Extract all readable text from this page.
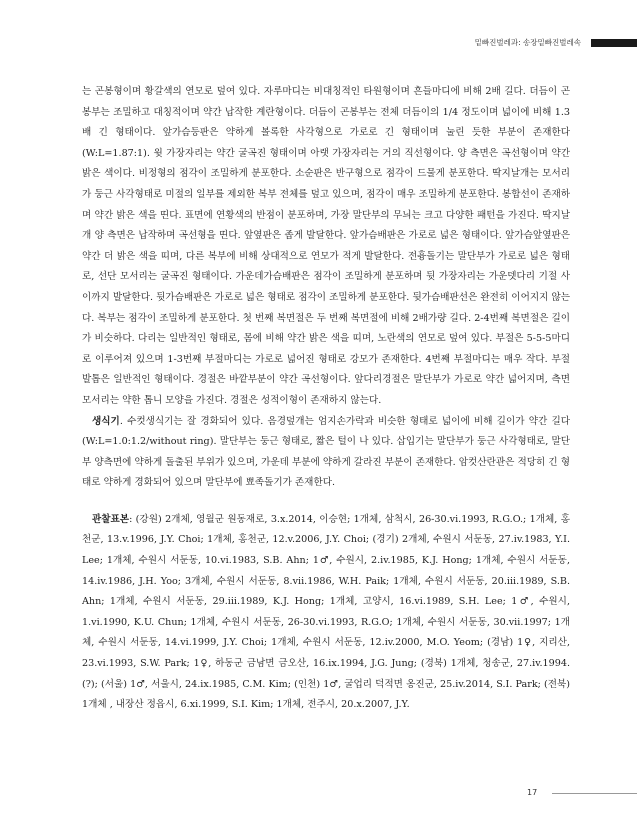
밑빠진벌레과: 송장밑빠진벌레속

는 곤봉형이며 황갈색의 연모로 덮여 있다. 자루마디는 비대칭적인 타원형이며 흔들마디에 비해 2배 길다. 더듬이 곤봉부는 조밀하고 대칭적이며 약간 납작한 계란형이다. 더듬이 곤봉부는 전체 더듬이의 1/4 정도이며 넓이에 비해 1.3배 긴 형태이다. 앞가슴등판은 약하게 볼록한 사각형으로 가로로 긴 형태이며 눌린 듯한 부분이 존재한다(W:L=1.87:1). 윗 가장자리는 약간 굴곡진 형태이며 아랫 가장자리는 거의 직선형이다. 양 측면은 곡선형이며 약간 밝은 색이다. 비정형의 점각이 조밀하게 분포한다. 소순판은 반구형으로 점각이 드물게 분포한다. 딱지날개는 모서리가 둥근 사각형태로 미절의 일부를 제외한 복부 전체를 덮고 있으며, 점각이 매우 조밀하게 분포한다. 봉합선이 존재하며 약간 밝은 색을 띤다. 표면에 연황색의 반점이 분포하며, 가장 말단부의 무늬는 크고 다양한 패턴을 가진다. 딱지날개 양 측면은 납작하며 곡선형을 띤다. 앞옆판은 좁게 발달한다. 앞가슴배판은 가로로 넓은 형태이다. 앞가슴앞옆판은 약간 더 밝은 색을 띠며, 다른 복부에 비해 상대적으로 연모가 적게 발달한다. 전흉돌기는 말단부가 가로로 넓은 형태로, 선단 모서리는 굴곡진 형태이다. 가운데가슴배판은 점각이 조밀하게 분포하며 뒷 가장자리는 가운뎃다리 기절 사이까지 발달한다. 뒷가슴배판은 가로로 넓은 형태로 점각이 조밀하게 분포한다. 뒷가슴배판선은 완전히 이어지지 않는다. 복부는 점각이 조밀하게 분포한다. 첫 번째 복면절은 두 번째 복면절에 비해 2배가량 길다. 2-4번째 복면절은 길이가 비슷하다. 다리는 일반적인 형태로, 몸에 비해 약간 밝은 색을 띠며, 노란색의 연모로 덮여 있다. 부절은 5-5-5마디로 이루어져 있으며 1-3번째 부절마디는 가로로 넓어진 형태로 강모가 존재한다. 4번째 부절마디는 매우 작다. 부절 발톱은 일반적인 형태이다. 경절은 바깥부분이 약간 곡선형이다. 앞다리경절은 말단부가 가로로 약간 넓어지며, 측면 모서리는 약한 톱니 모양을 가진다. 경절은 성적이형이 존재하지 않는다.

생식기. 수컷생식기는 잘 경화되어 있다. 음경덮개는 엄지손가락과 비슷한 형태로 넓이에 비해 길이가 약간 길다(W:L=1.0:1.2/without ring). 말단부는 둥근 형태로, 짧은 털이 나 있다. 삽입기는 말단부가 둥근 사각형태로, 말단부 양측면에 약하게 돌출된 부위가 있으며, 가운데 부분에 약하게 갈라진 부분이 존재한다. 암컷산란관은 적당히 긴 형태로 약하게 경화되어 있으며 말단부에 뾰족돌기가 존재한다.

관찰표본: (강원) 2개체, 영월군 원동재로, 3.x.2014, 이승현; 1개체, 삼척시, 26-30.vi.1993, R.G.O.; 1개체, 홍천군, 13.v.1996, J.Y. Choi; 1개체, 홍천군, 12.v.2006, J.Y. Choi; (경기) 2개체, 수원시 서둔동, 27.iv.1983, Y.I. Lee; 1개체, 수원시 서둔동, 10.vi.1983, S.B. Ahn; 1♂, 수원시, 2.iv.1985, K.J. Hong; 1개체, 수원시 서둔동, 14.iv.1986, J.H. Yoo; 3개체, 수원시 서둔동, 8.vii.1986, W.H. Paik; 1개체, 수원시 서둔동, 20.iii.1989, S.B. Ahn; 1개체, 수원시 서둔동, 29.iii.1989, K.J. Hong; 1개체, 고양시, 16.vi.1989, S.H. Lee; 1♂, 수원시, 1.vi.1990, K.U. Chun; 1개체, 수원시 서둔동, 26-30.vi.1993, R.G.O; 1개체, 수원시 서둔동, 30.vii.1997; 1개체, 수원시 서둔동, 14.vi.1999, J.Y. Choi; 1개체, 수원시 서둔동, 12.iv.2000, M.O. Yeom; (경남) 1♀, 지리산, 23.vi.1993, S.W. Park; 1♀, 하동군 금남면 금오산, 16.ix.1994, J.G. Jung; (경북) 1개체, 청송군, 27.iv.1994. (?); (서울) 1♂, 서울시, 24.ix.1985, C.M. Kim; (인천) 1♂, 굴업리 덕적면 옹진군, 25.iv.2014, S.I. Park; (전북) 1개체 , 내장산 정읍시, 6.xi.1999, S.I. Kim; 1개체, 전주시, 20.x.2007, J.Y.

17
